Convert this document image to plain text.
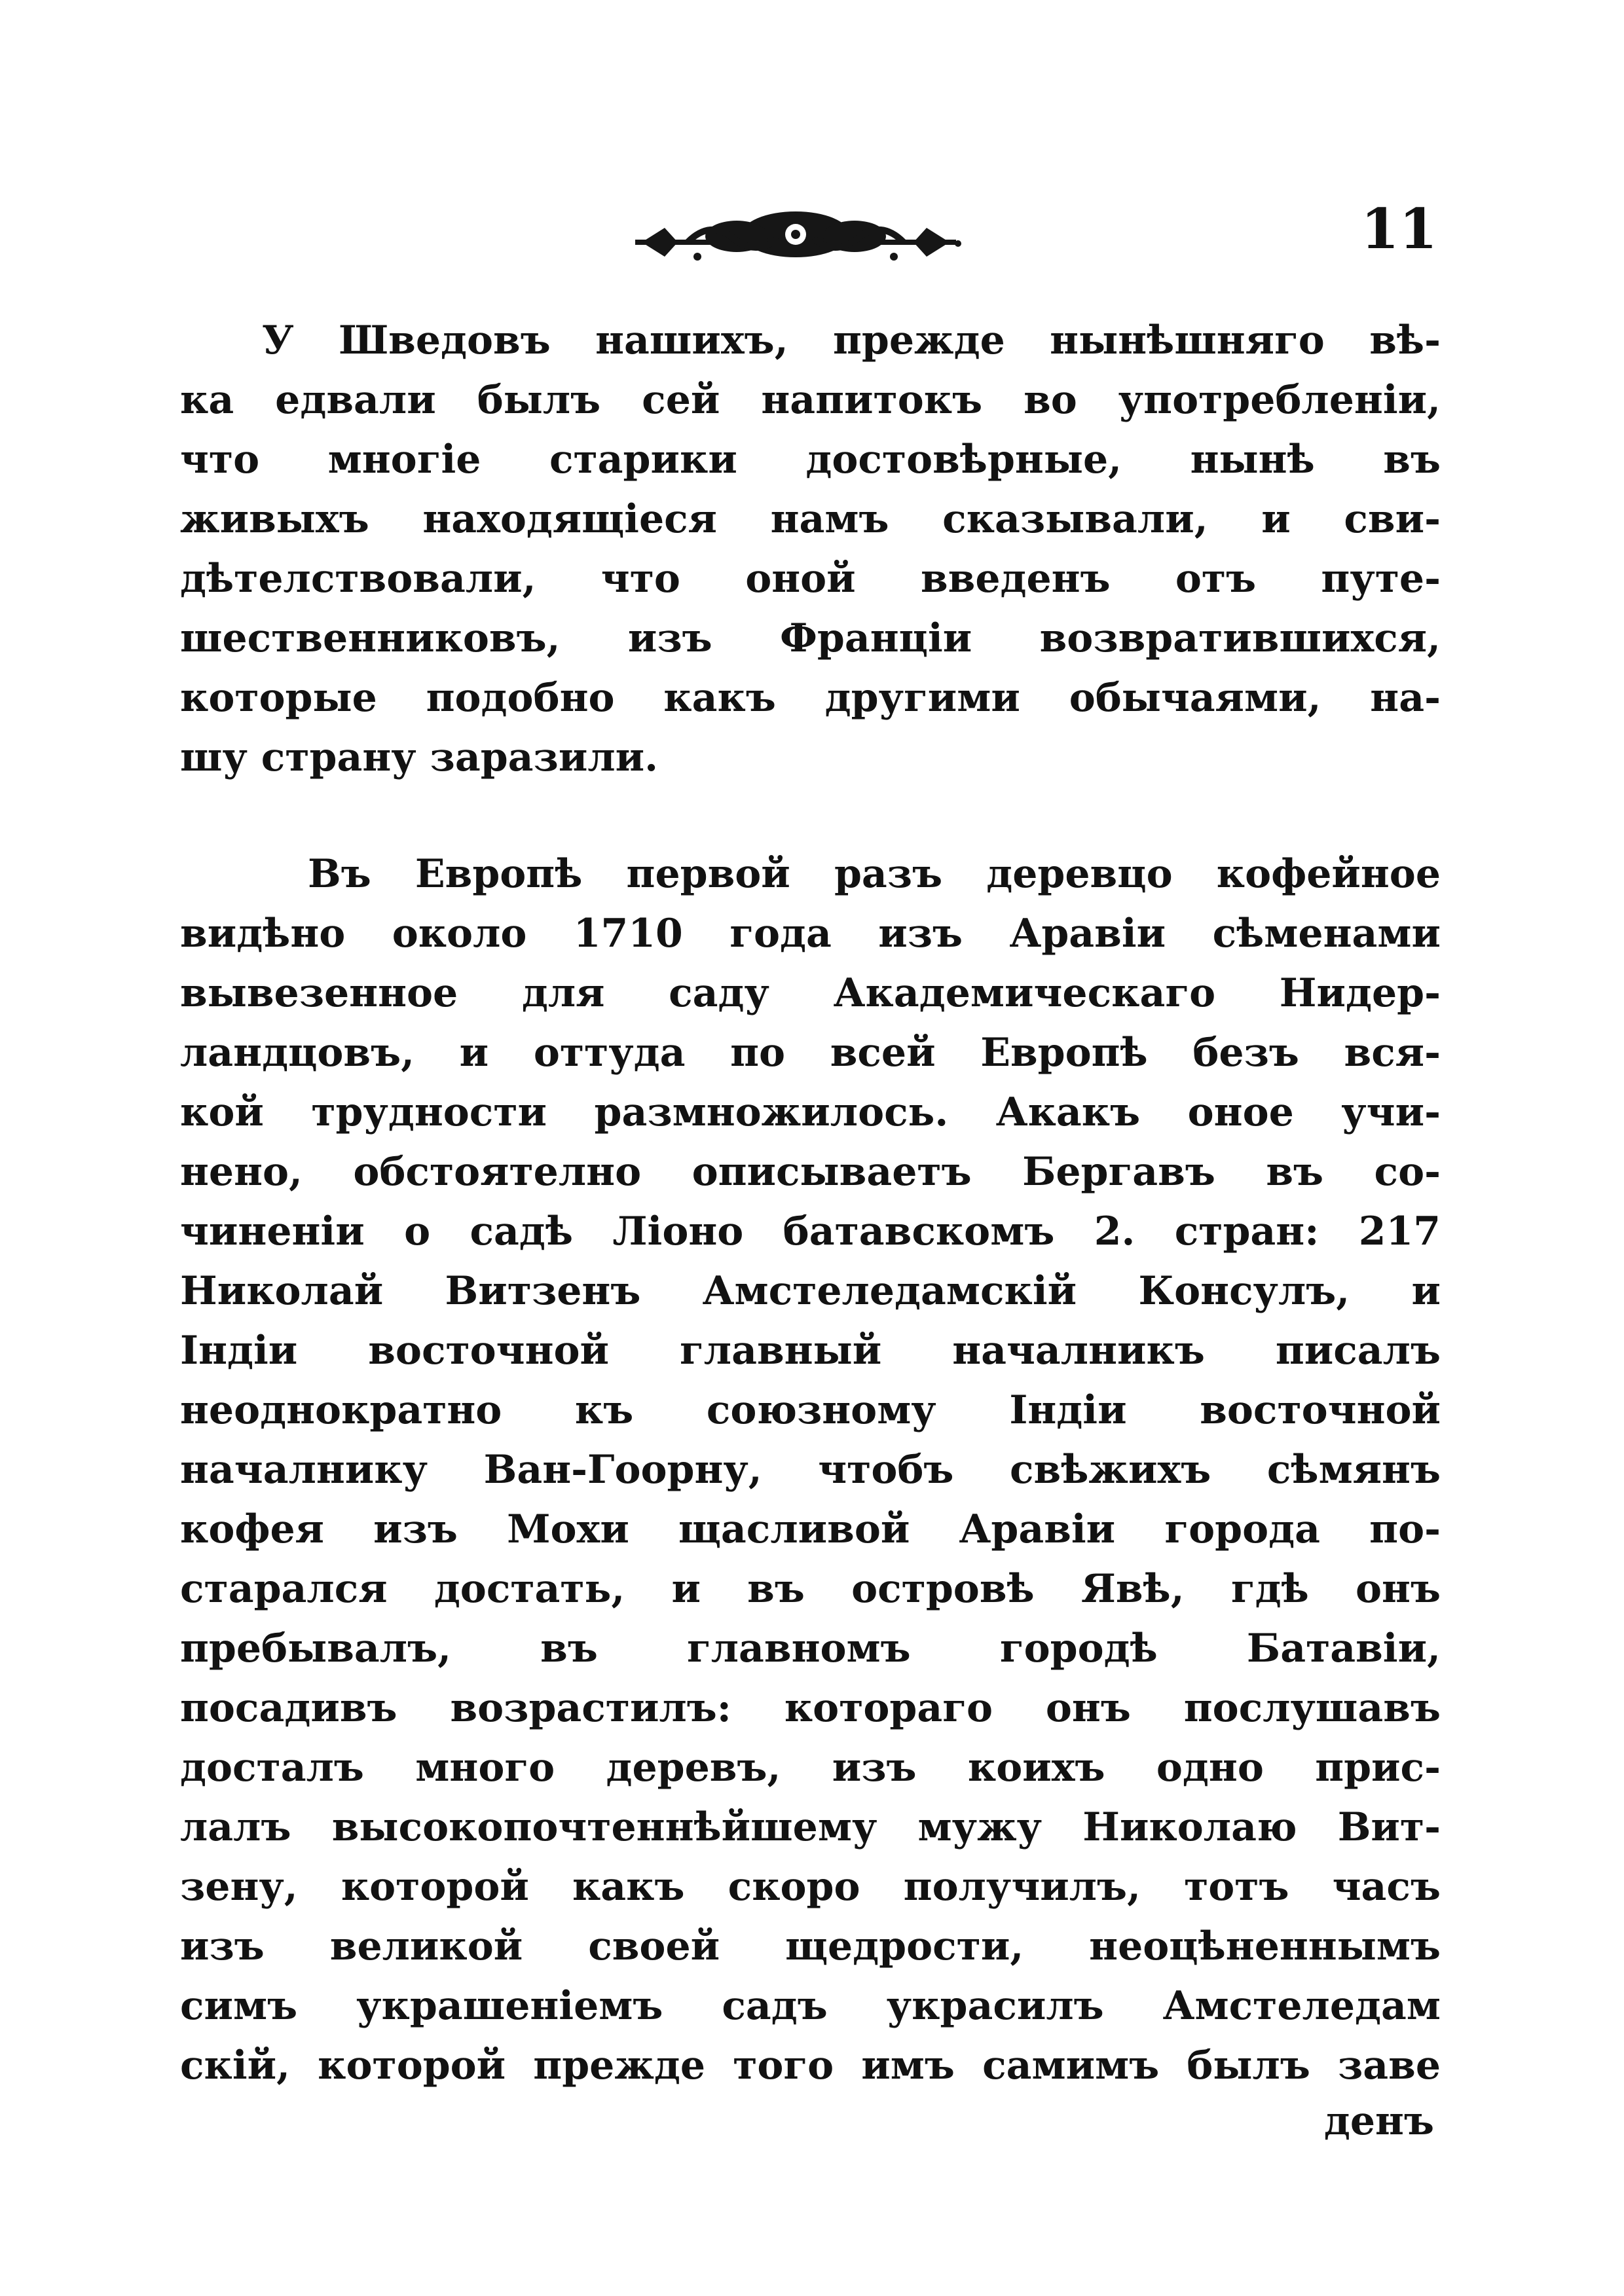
11
У Шведовъ нашихъ, прежде нынѣшняго вѣ-
ка едвали былъ сей напитокъ во употребленіи,
что многіе старики достовѣрные, нынѣ въ
живыхъ находящіеся намъ сказывали, и сви-
дѣтелствовали, что оной введенъ отъ путе-
шественниковъ, изъ Франціи возвратившихся,
которые подобно какъ другими обычаями, на-
шу страну заразили.
Въ Европѣ первой разъ деревцо кофейное
видѣно около 1710 года изъ Аравіи сѣменами
вывезенное для саду Академическаго Нидер-
ландцовъ, и оттуда по всей Европѣ безъ вся-
кой трудности размножилось. Акакъ оное учи-
нено, обстоятелно описываетъ Бергавъ въ со-
чиненіи о садѣ Ліоно батавскомъ 2. стран: 217
Николай Витзенъ Амстеледамскій Консулъ, и
Індіи восточной главный началникъ писалъ
неоднократно къ союзному Індіи восточной
началнику Ван-Гоорну, чтобъ свѣжихъ сѣмянъ
кофея изъ Мохи щасливой Аравіи города по-
старался достать, и въ островѣ Явѣ, гдѣ онъ
пребывалъ, въ главномъ городѣ Батавіи,
посадивъ возрастилъ: котораго онъ послушавъ
досталъ много деревъ, изъ коихъ одно прис-
лалъ высокопочтеннѣйшему мужу Николаю Вит-
зену, которой какъ скоро получилъ, тотъ часъ
изъ великой своей щедрости, неоцѣненнымъ
симъ украшеніемъ садъ украсилъ Амстеледам
скій, которой прежде того имъ самимъ былъ заве
денъ
